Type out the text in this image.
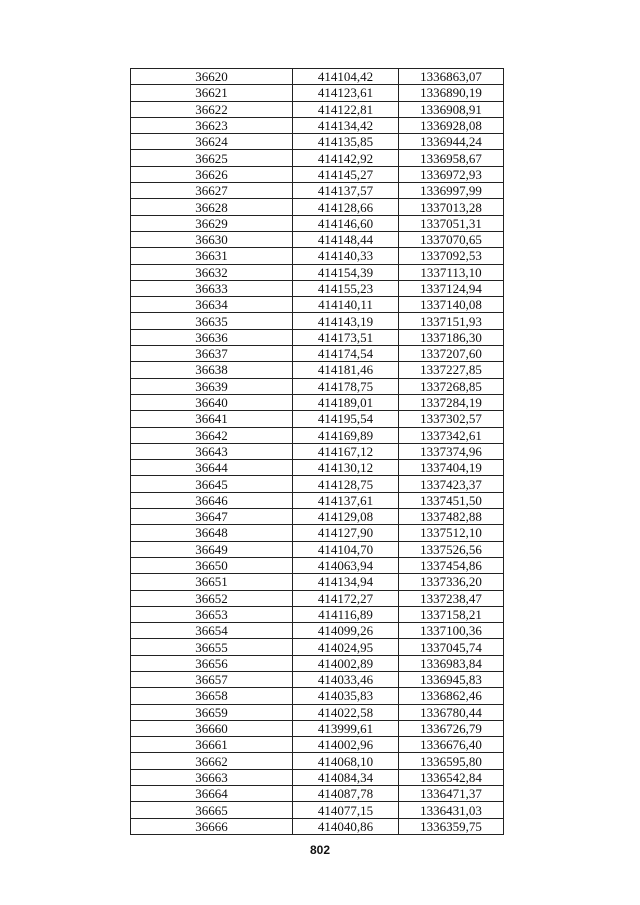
36620	414104,42	1336863,07
36621	414123,61	1336890,19
36622	414122,81	1336908,91
36623	414134,42	1336928,08
36624	414135,85	1336944,24
36625	414142,92	1336958,67
36626	414145,27	1336972,93
36627	414137,57	1336997,99
36628	414128,66	1337013,28
36629	414146,60	1337051,31
36630	414148,44	1337070,65
36631	414140,33	1337092,53
36632	414154,39	1337113,10
36633	414155,23	1337124,94
36634	414140,11	1337140,08
36635	414143,19	1337151,93
36636	414173,51	1337186,30
36637	414174,54	1337207,60
36638	414181,46	1337227,85
36639	414178,75	1337268,85
36640	414189,01	1337284,19
36641	414195,54	1337302,57
36642	414169,89	1337342,61
36643	414167,12	1337374,96
36644	414130,12	1337404,19
36645	414128,75	1337423,37
36646	414137,61	1337451,50
36647	414129,08	1337482,88
36648	414127,90	1337512,10
36649	414104,70	1337526,56
36650	414063,94	1337454,86
36651	414134,94	1337336,20
36652	414172,27	1337238,47
36653	414116,89	1337158,21
36654	414099,26	1337100,36
36655	414024,95	1337045,74
36656	414002,89	1336983,84
36657	414033,46	1336945,83
36658	414035,83	1336862,46
36659	414022,58	1336780,44
36660	413999,61	1336726,79
36661	414002,96	1336676,40
36662	414068,10	1336595,80
36663	414084,34	1336542,84
36664	414087,78	1336471,37
36665	414077,15	1336431,03
36666	414040,86	1336359,75
802
